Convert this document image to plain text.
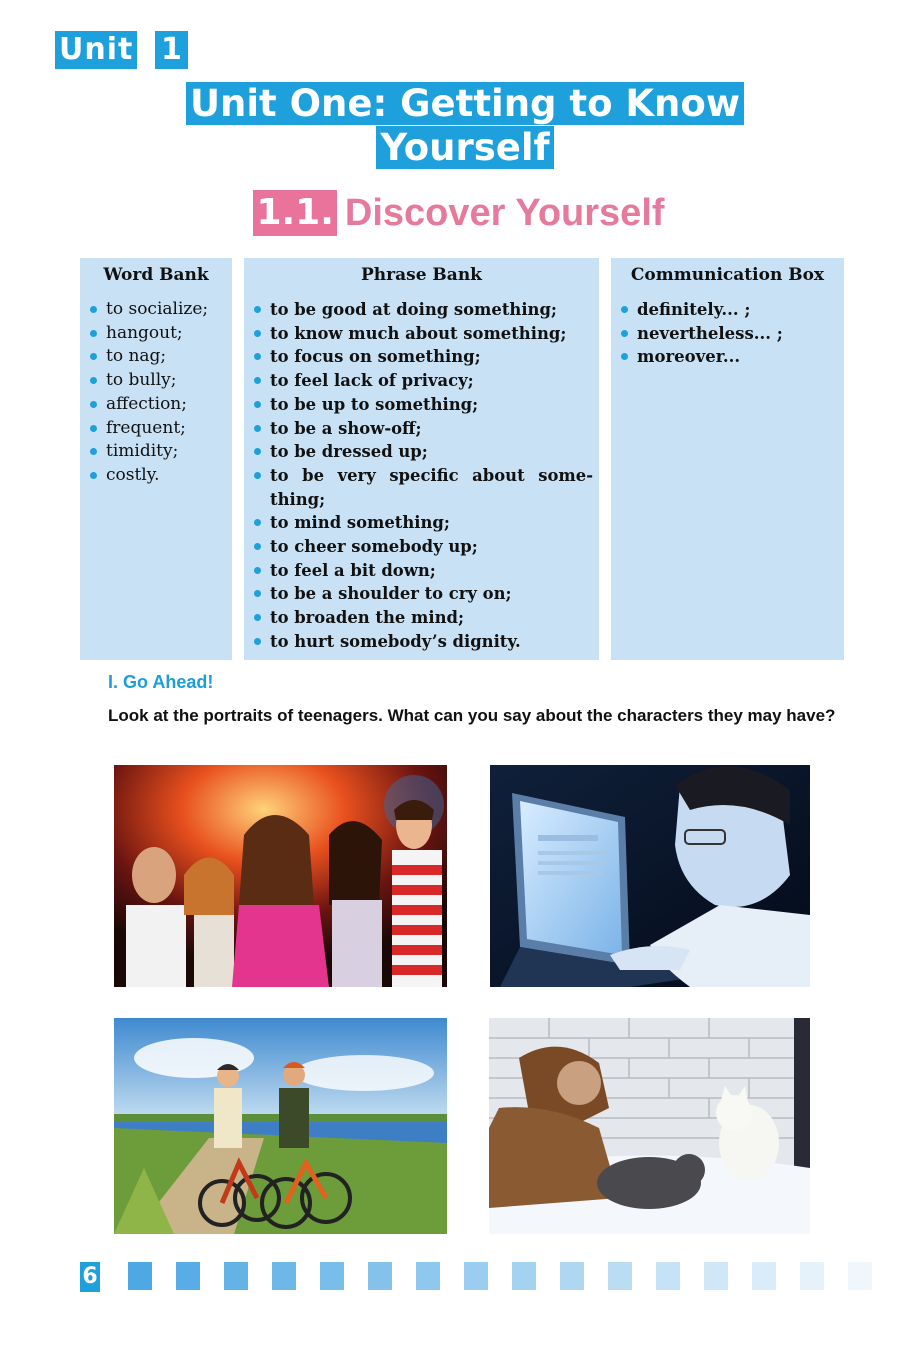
Unit 1
Unit One: Getting to Know Yourself
1.1. Discover Yourself
Word Bank
to socialize;
hangout;
to nag;
to bully;
affection;
frequent;
timidity;
costly.
Phrase Bank
to be good at doing something;
to know much about something;
to focus on something;
to feel lack of privacy;
to be up to something;
to be a show-off;
to be dressed up;
to be very specific about some-thing;
to mind something;
to cheer somebody up;
to feel a bit down;
to be a shoulder to cry on;
to broaden the mind;
to hurt somebody’s dignity.
Communication Box
definitely... ;
nevertheless... ;
moreover...
I. Go Ahead!
Look at the portraits of teenagers. What can you say about the characters they may have?
6
